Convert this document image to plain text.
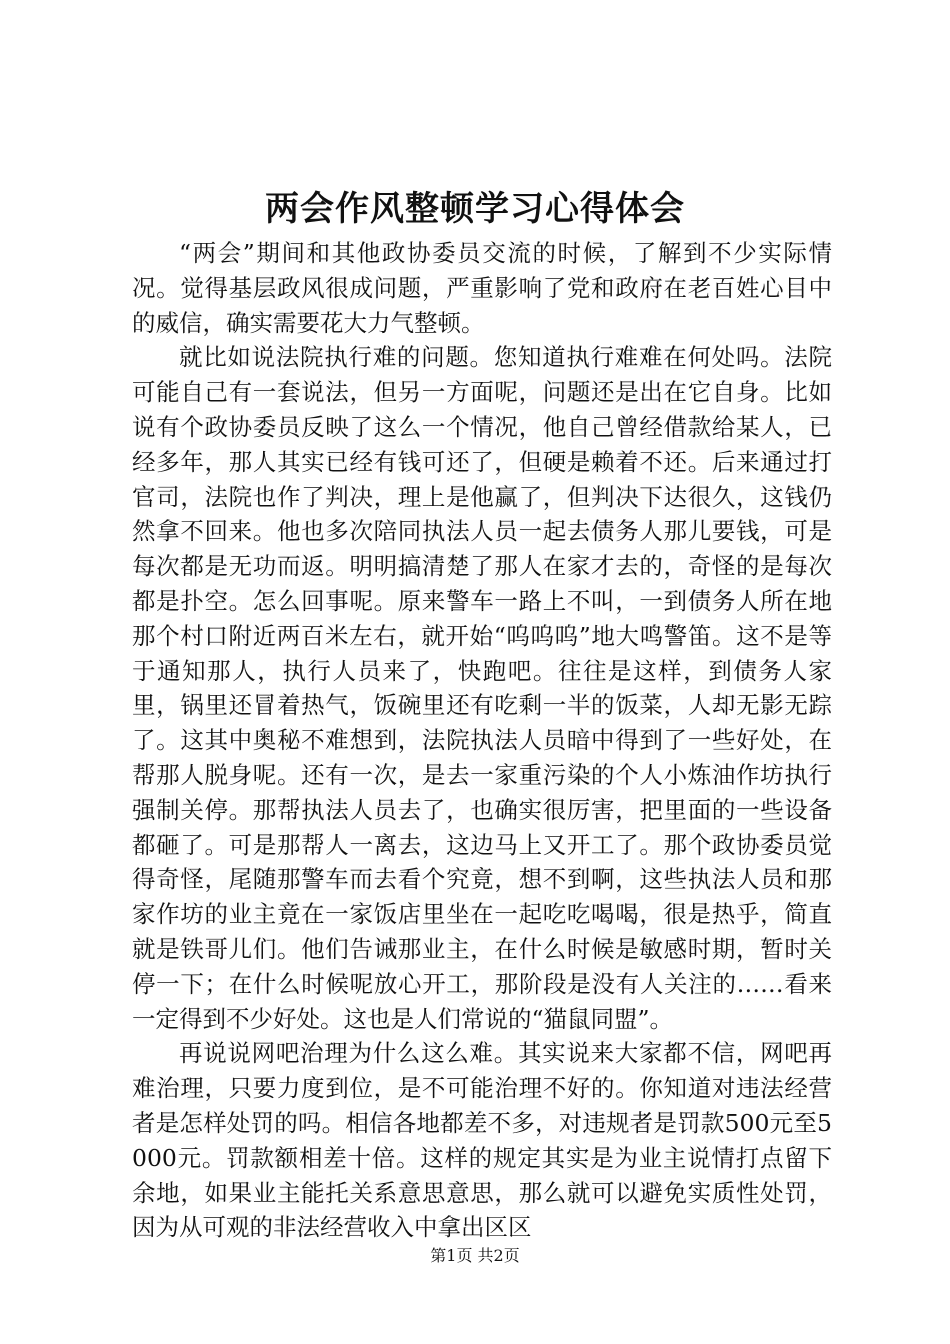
两会作风整顿学习心得体会

“两会”期间和其他政协委员交流的时候，了解到不少实际情况。觉得基层政风很成问题，严重影响了党和政府在老百姓心目中的威信，确实需要花大力气整顿。

就比如说法院执行难的问题。您知道执行难难在何处吗。法院可能自己有一套说法，但另一方面呢，问题还是出在它自身。比如说有个政协委员反映了这么一个情况，他自己曾经借款给某人，已经多年，那人其实已经有钱可还了，但硬是赖着不还。后来通过打官司，法院也作了判决，理上是他赢了，但判决下达很久，这钱仍然拿不回来。他也多次陪同执法人员一起去债务人那儿要钱，可是每次都是无功而返。明明搞清楚了那人在家才去的，奇怪的是每次都是扑空。怎么回事呢。原来警车一路上不叫，一到债务人所在地那个村口附近两百米左右，就开始“呜呜呜”地大鸣警笛。这不是等于通知那人，执行人员来了，快跑吧。往往是这样，到债务人家里，锅里还冒着热气，饭碗里还有吃剩一半的饭菜，人却无影无踪了。这其中奥秘不难想到，法院执法人员暗中得到了一些好处，在帮那人脱身呢。还有一次，是去一家重污染的个人小炼油作坊执行强制关停。那帮执法人员去了，也确实很厉害，把里面的一些设备都砸了。可是那帮人一离去，这边马上又开工了。那个政协委员觉得奇怪，尾随那警车而去看个究竟，想不到啊，这些执法人员和那家作坊的业主竟在一家饭店里坐在一起吃吃喝喝，很是热乎，简直就是铁哥儿们。他们告诫那业主，在什么时候是敏感时期，暂时关停一下；在什么时候呢放心开工，那阶段是没有人关注的……看来一定得到不少好处。这也是人们常说的“猫鼠同盟”。

再说说网吧治理为什么这么难。其实说来大家都不信，网吧再难治理，只要力度到位，是不可能治理不好的。你知道对违法经营者是怎样处罚的吗。相信各地都差不多，对违规者是罚款500元至5000元。罚款额相差十倍。这样的规定其实是为业主说情打点留下余地，如果业主能托关系意思意思，那么就可以避免实质性处罚，因为从可观的非法经营收入中拿出区区

第1页 共2页
